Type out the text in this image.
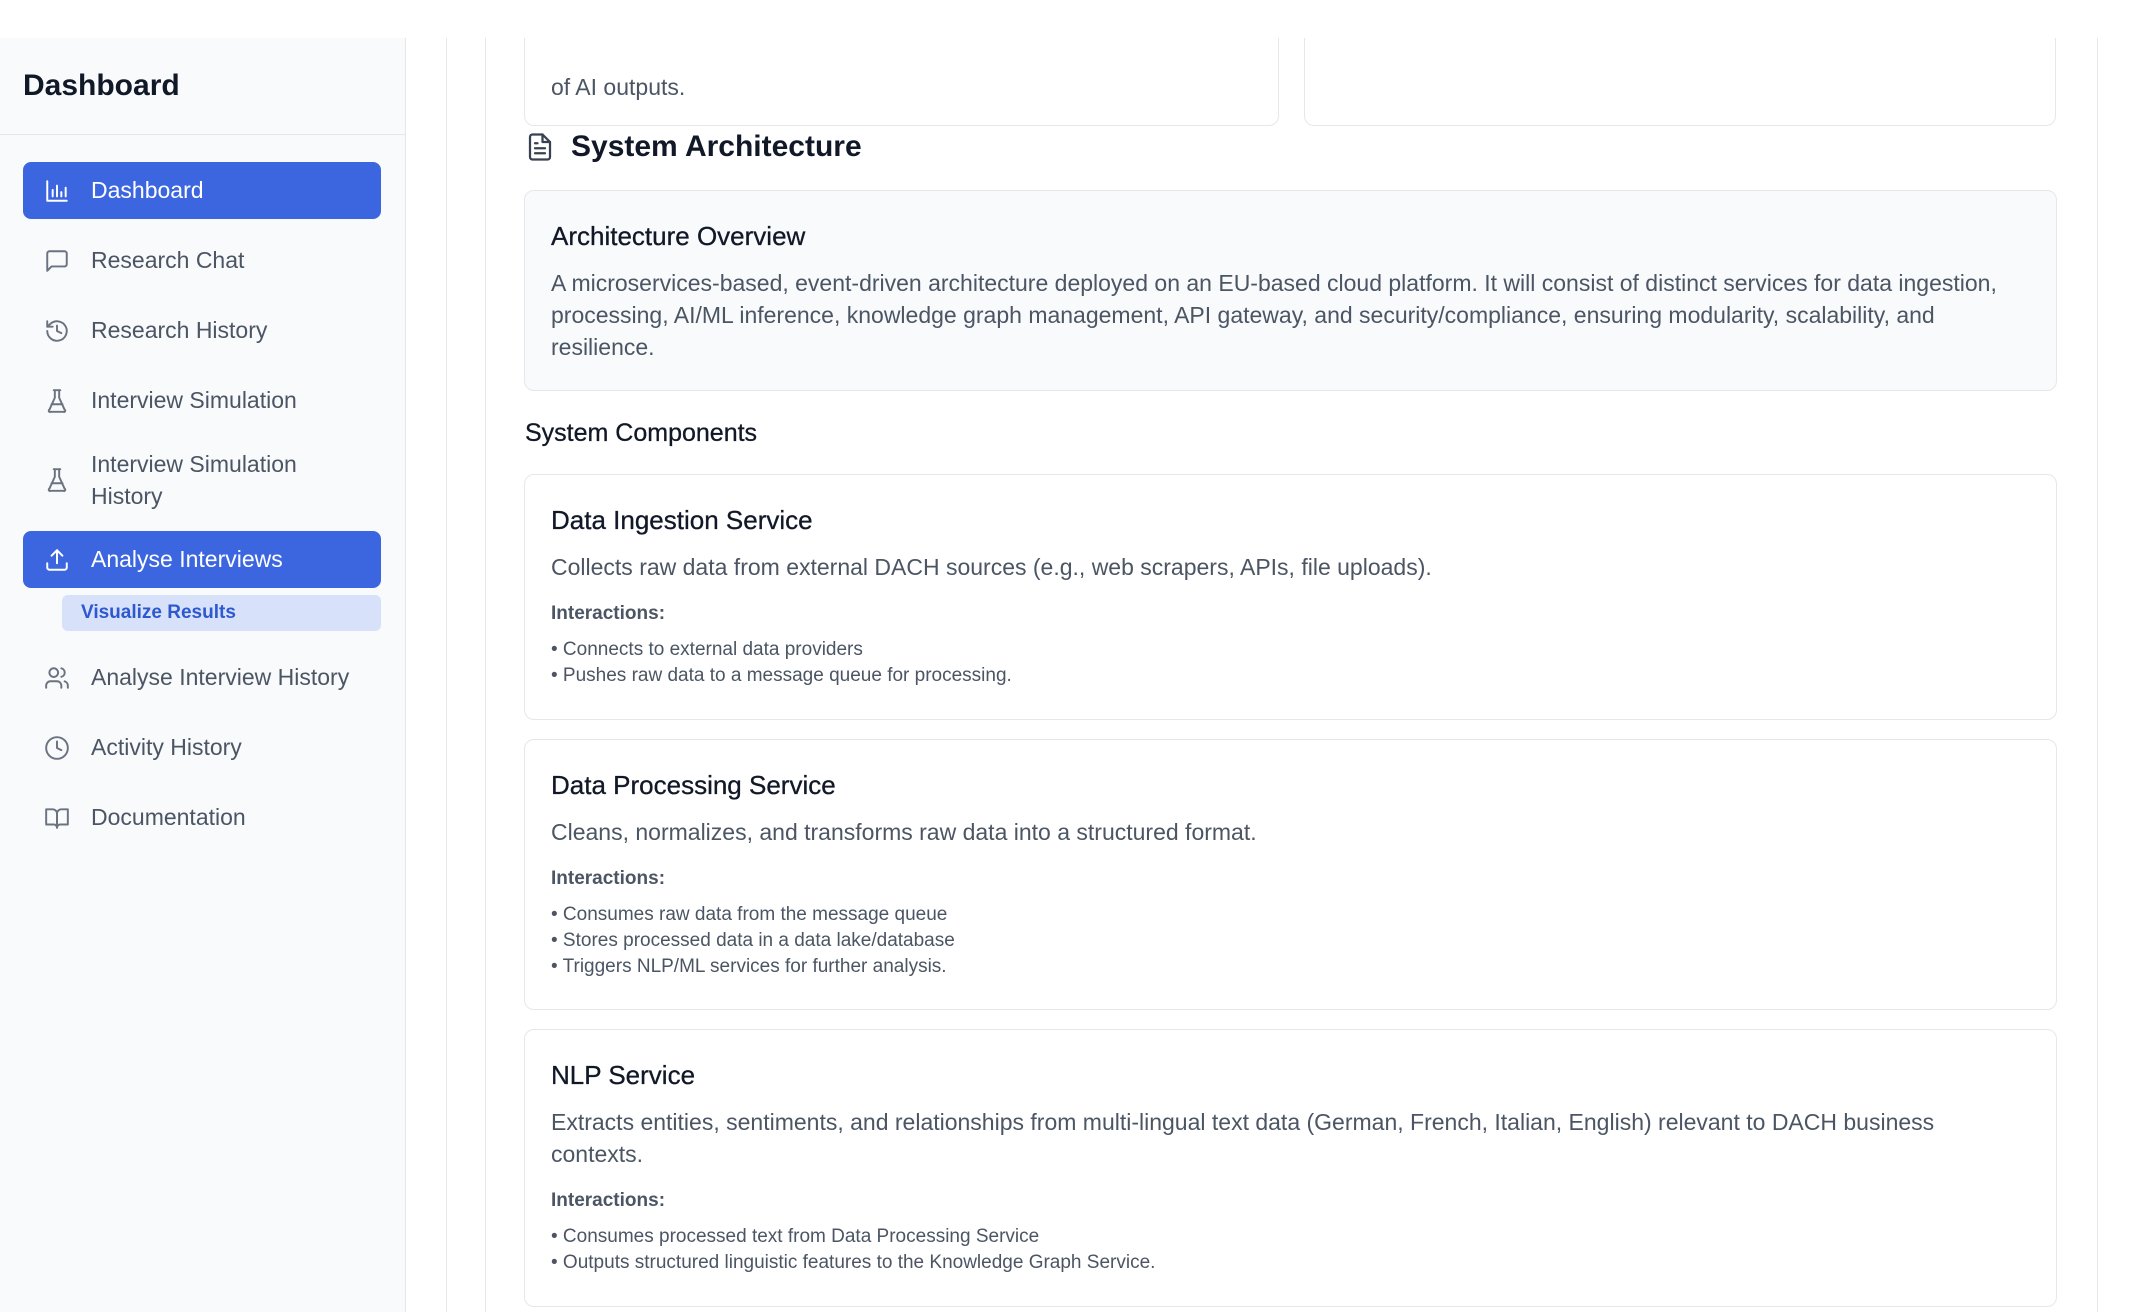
Dashboard
Dashboard
Research Chat
Research History
Interview Simulation
Interview Simulation History
Analyse Interviews
Visualize Results
Analyse Interview History
Activity History
Documentation
of AI outputs.
System Architecture
Architecture Overview
A microservices-based, event-driven architecture deployed on an EU-based cloud platform. It will consist of distinct services for data ingestion, processing, AI/ML inference, knowledge graph management, API gateway, and security/compliance, ensuring modularity, scalability, and resilience.
System Components
Data Ingestion Service
Collects raw data from external DACH sources (e.g., web scrapers, APIs, file uploads).
Interactions:
• Connects to external data providers
• Pushes raw data to a message queue for processing.
Data Processing Service
Cleans, normalizes, and transforms raw data into a structured format.
Interactions:
• Consumes raw data from the message queue
• Stores processed data in a data lake/database
• Triggers NLP/ML services for further analysis.
NLP Service
Extracts entities, sentiments, and relationships from multi-lingual text data (German, French, Italian, English) relevant to DACH business contexts.
Interactions:
• Consumes processed text from Data Processing Service
• Outputs structured linguistic features to the Knowledge Graph Service.
